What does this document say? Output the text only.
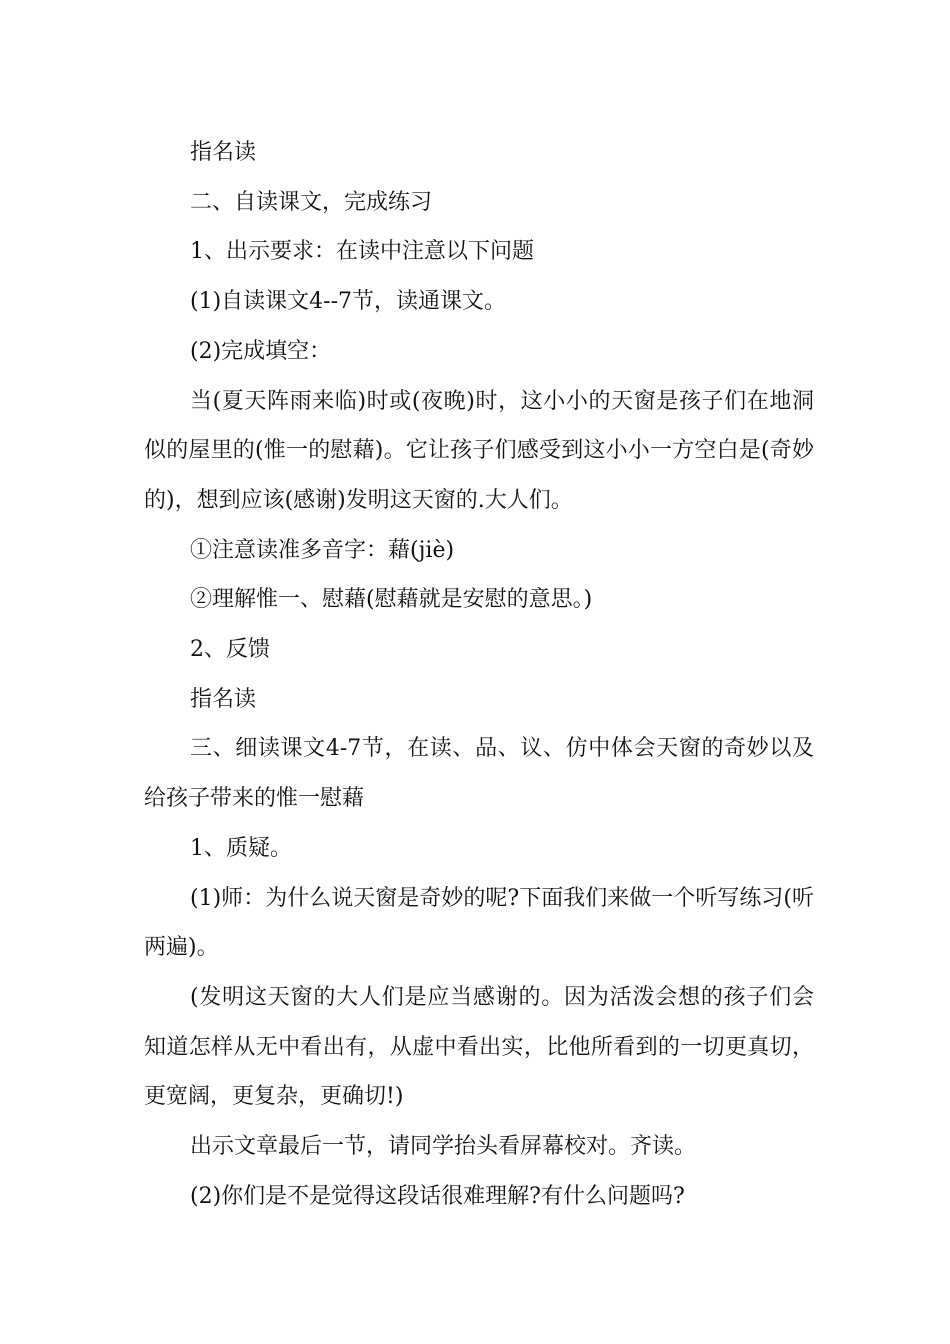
指名读

二、自读课文，完成练习

1、出示要求：在读中注意以下问题

(1)自读课文4--7节，读通课文。

(2)完成填空：

当(夏天阵雨来临)时或(夜晚)时，这小小的天窗是孩子们在地洞似的屋里的(惟一的慰藉)。它让孩子们感受到这小小一方空白是(奇妙的)，想到应该(感谢)发明这天窗的.大人们。

①注意读准多音字：藉(jiè)

②理解惟一、慰藉(慰藉就是安慰的意思。)

2、反馈

指名读

三、细读课文4-7节，在读、品、议、仿中体会天窗的奇妙以及给孩子带来的惟一慰藉

1、质疑。

(1)师：为什么说天窗是奇妙的呢?下面我们来做一个听写练习(听两遍)。

(发明这天窗的大人们是应当感谢的。因为活泼会想的孩子们会知道怎样从无中看出有，从虚中看出实，比他所看到的一切更真切，更宽阔，更复杂，更确切!)

出示文章最后一节，请同学抬头看屏幕校对。齐读。

(2)你们是不是觉得这段话很难理解?有什么问题吗?
